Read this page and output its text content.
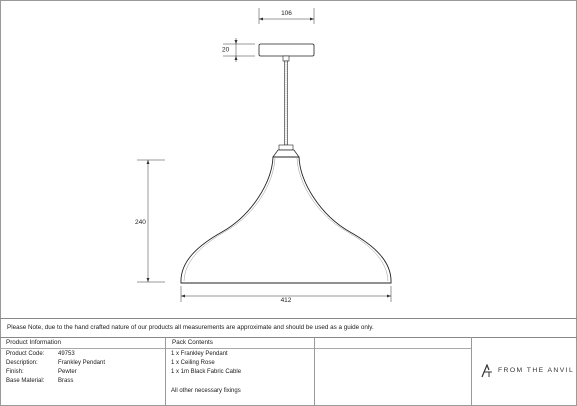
106
20
240
412
Please Note, due to the hand crafted nature of our products all measurements are approximate and should be used as a guide only.
Product Information
Product Code: 49753
Description:	Frankley Pendant
Finish:	Pewter
Base Material: Brass
Pack Contents
1 x Frankley Pendant
1 x Ceiling Rose
1 x 1m Black Fabric Cable
All other necessary fixings
FROM THE ANVIL
